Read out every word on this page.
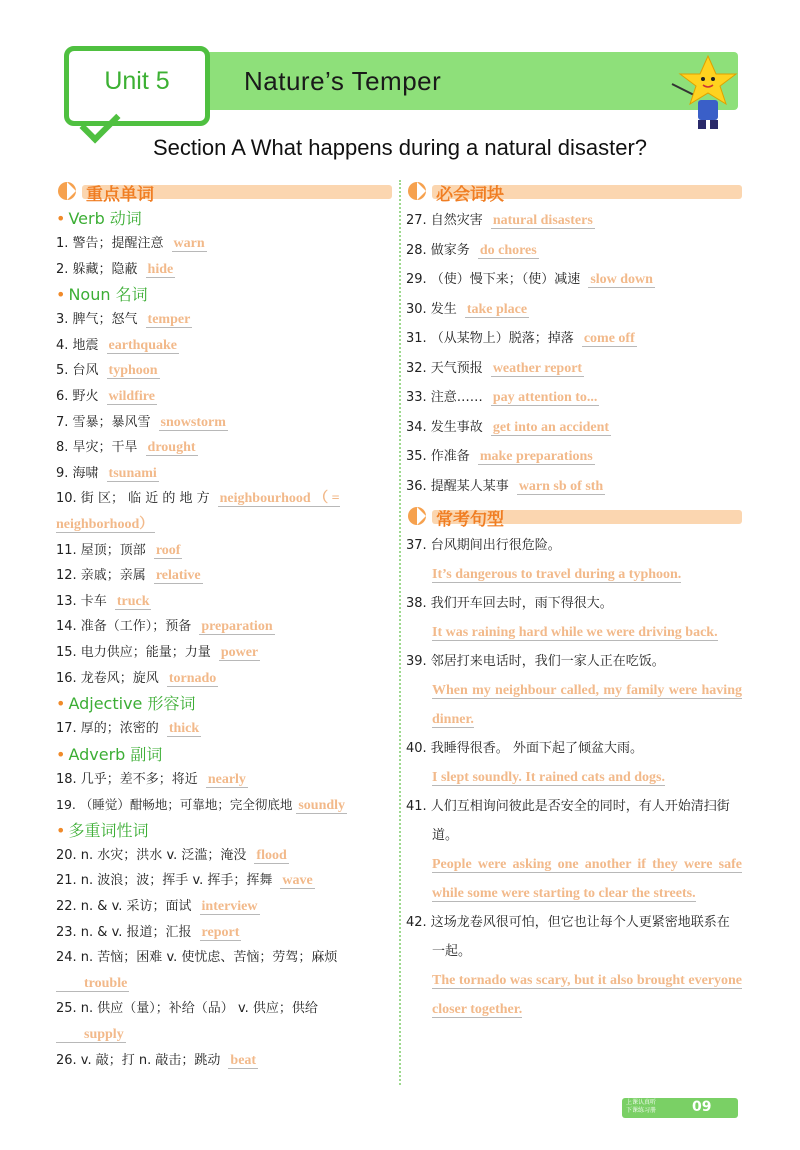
Unit 5	Nature’s Temper
Section A What happens during a natural disaster?
重点单词
• Verb 动词
1. 警告；提醒注意 warn
2. 躲藏；隐蔽 hide
• Noun 名词
3. 脾气；怒气 temper
4. 地震 earthquake
5. 台风 typhoon
6. 野火 wildfire
7. 雪暴；暴风雪 snowstorm
8. 旱灾；干旱 drought
9. 海啸 tsunami
10. 街 区； 临 近 的 地 方 neighbourhood （ = neighborhood）
11. 屋顶；顶部 roof
12. 亲戚；亲属 relative
13. 卡车 truck
14. 准备（工作）；预备 preparation
15. 电力供应；能量；力量 power
16. 龙卷风；旋风 tornado
• Adjective 形容词
17. 厚的；浓密的 thick
• Adverb 副词
18. 几乎；差不多；将近 nearly
19. （睡觉）酣畅地；可靠地；完全彻底地 soundly
• 多重词性词
20. n. 水灾；洪水 v. 泛滥；淹没 flood
21. n. 波浪；波；挥手 v. 挥手；挥舞 wave
22. n. & v. 采访；面试 interview
23. n. & v. 报道；汇报 report
24. n. 苦恼；困难 v. 使忧虑、苦恼；劳驾；麻烦
trouble
25. n. 供应（量）；补给（品） v. 供应；供给
supply
26. v. 敲；打 n. 敲击；跳动 beat
必会词块
27. 自然灾害 natural disasters
28. 做家务 do chores
29. （使）慢下来；（使）减速 slow down
30. 发生 take place
31. （从某物上）脱落；掉落 come off
32. 天气预报 weather report
33. 注意…… pay attention to...
34. 发生事故 get into an accident
35. 作准备 make preparations
36. 提醒某人某事 warn sb of sth
常考句型
37. 台风期间出行很危险。
It’s dangerous to travel during a typhoon.
38. 我们开车回去时，雨下得很大。
It was raining hard while we were driving back.
39. 邻居打来电话时，我们一家人正在吃饭。
When my neighbour called, my family were having dinner.
40. 我睡得很香。 外面下起了倾盆大雨。
I slept soundly. It rained cats and dogs.
41. 人们互相询问彼此是否安全的同时，有人开始清扫街道。
People were asking one another if they were safe while some were starting to clear the streets.
42. 这场龙卷风很可怕，但它也让每个人更紧密地联系在一起。
The tornado was scary, but it also brought everyone closer together.
上课认真听
下课练习册	09
